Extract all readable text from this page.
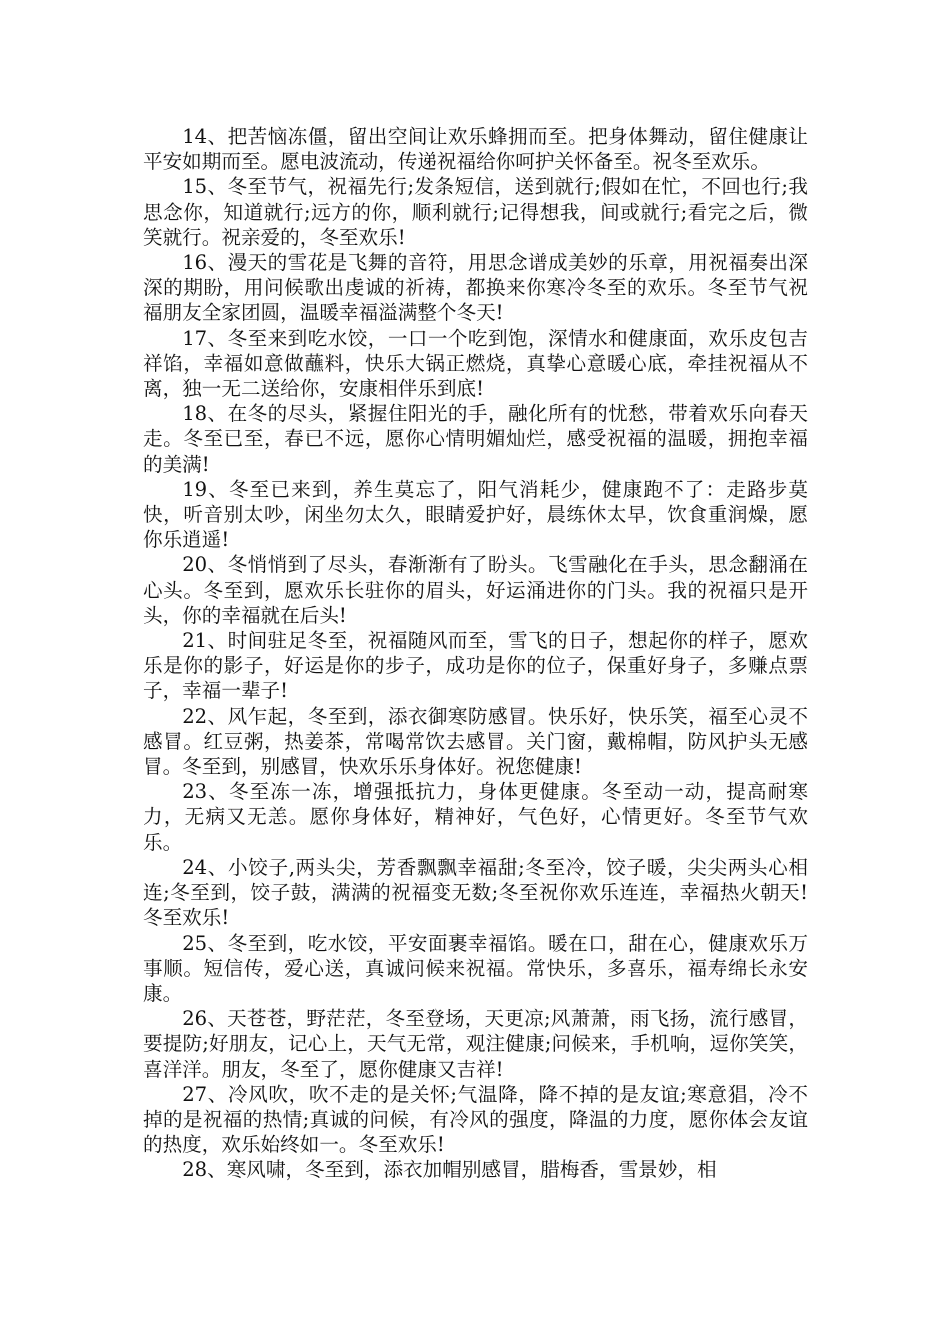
14、把苦恼冻僵，留出空间让欢乐蜂拥而至。把身体舞动，留住健康让平安如期而至。愿电波流动，传递祝福给你呵护关怀备至。祝冬至欢乐。

15、冬至节气，祝福先行;发条短信，送到就行;假如在忙，不回也行;我思念你，知道就行;远方的你，顺利就行;记得想我，间或就行;看完之后，微笑就行。祝亲爱的，冬至欢乐!

16、漫天的雪花是飞舞的音符，用思念谱成美妙的乐章，用祝福奏出深深的期盼，用问候歌出虔诚的祈祷，都换来你寒冷冬至的欢乐。冬至节气祝福朋友全家团圆，温暖幸福溢满整个冬天!

17、冬至来到吃水饺，一口一个吃到饱，深情水和健康面，欢乐皮包吉祥馅，幸福如意做蘸料，快乐大锅正燃烧，真挚心意暖心底，牵挂祝福从不离，独一无二送给你，安康相伴乐到底!

18、在冬的尽头，紧握住阳光的手，融化所有的忧愁，带着欢乐向春天走。冬至已至，春已不远，愿你心情明媚灿烂，感受祝福的温暖，拥抱幸福的美满!

19、冬至已来到，养生莫忘了，阳气消耗少，健康跑不了：走路步莫快，听音别太吵，闲坐勿太久，眼睛爱护好，晨练休太早，饮食重润燥，愿你乐逍遥!

20、冬悄悄到了尽头，春渐渐有了盼头。飞雪融化在手头，思念翻涌在心头。冬至到，愿欢乐长驻你的眉头，好运涌进你的门头。我的祝福只是开头，你的幸福就在后头!

21、时间驻足冬至，祝福随风而至，雪飞的日子，想起你的样子，愿欢乐是你的影子，好运是你的步子，成功是你的位子，保重好身子，多赚点票子，幸福一辈子!

22、风乍起，冬至到，添衣御寒防感冒。快乐好，快乐笑，福至心灵不感冒。红豆粥，热姜茶，常喝常饮去感冒。关门窗，戴棉帽，防风护头无感冒。冬至到，别感冒，快欢乐乐身体好。祝您健康!

23、冬至冻一冻，增强抵抗力，身体更健康。冬至动一动，提高耐寒力，无病又无恙。愿你身体好，精神好，气色好，心情更好。冬至节气欢乐。

24、小饺子,两头尖，芳香飘飘幸福甜;冬至冷，饺子暖，尖尖两头心相连;冬至到，饺子鼓，满满的祝福变无数;冬至祝你欢乐连连，幸福热火朝天!冬至欢乐!

25、冬至到，吃水饺，平安面裹幸福馅。暖在口，甜在心，健康欢乐万事顺。短信传，爱心送，真诚问候来祝福。常快乐，多喜乐，福寿绵长永安康。

26、天苍苍，野茫茫，冬至登场，天更凉;风萧萧，雨飞扬，流行感冒，要提防;好朋友，记心上，天气无常，观注健康;问候来，手机响，逗你笑笑，喜洋洋。朋友，冬至了，愿你健康又吉祥!

27、冷风吹，吹不走的是关怀;气温降，降不掉的是友谊;寒意猖，冷不掉的是祝福的热情;真诚的问候，有冷风的强度，降温的力度，愿你体会友谊的热度，欢乐始终如一。冬至欢乐!

28、寒风啸，冬至到，添衣加帽别感冒，腊梅香，雪景妙，相
